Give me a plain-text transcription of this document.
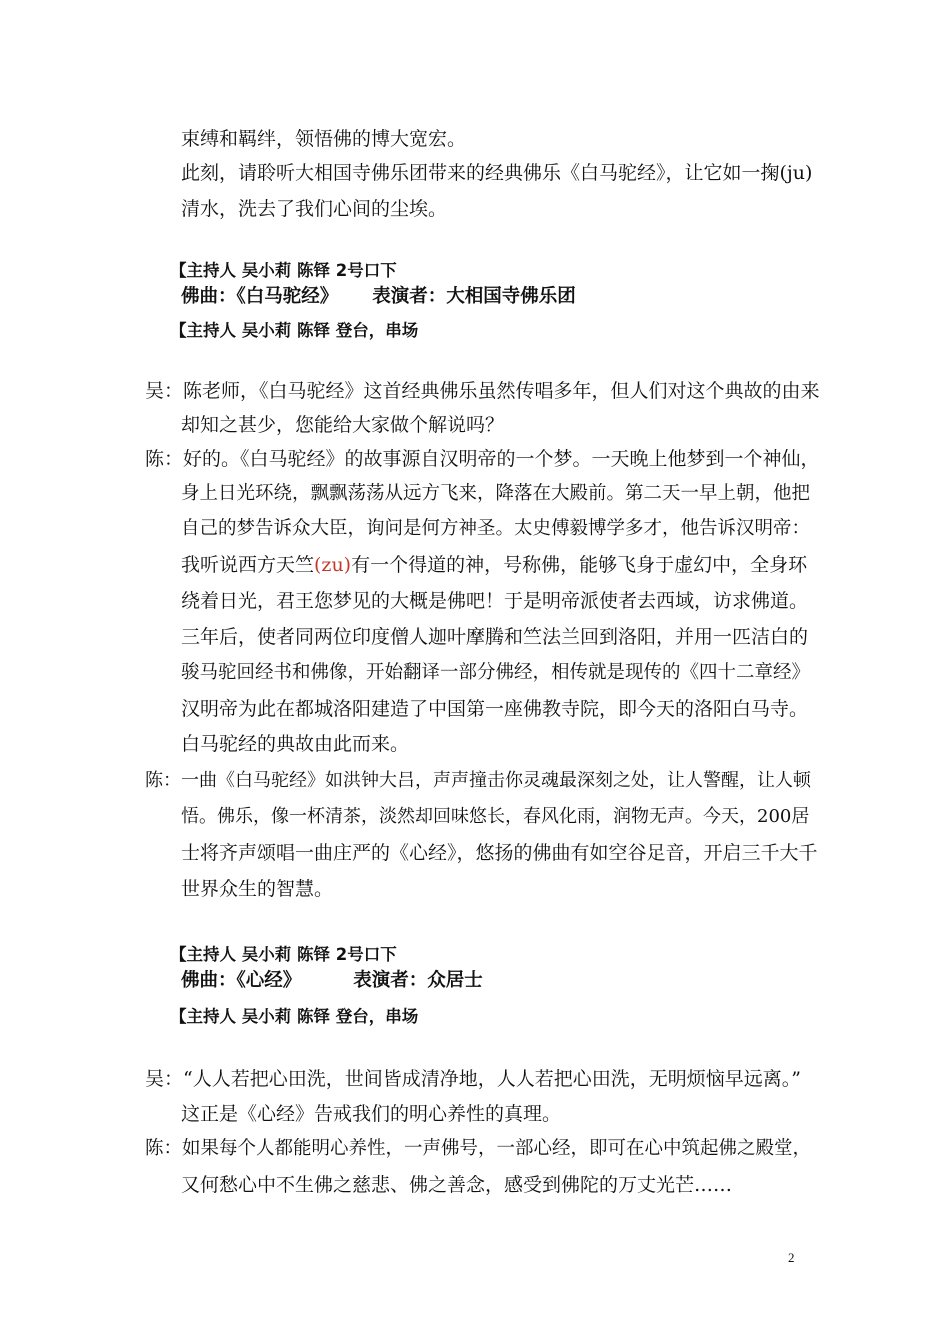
束缚和羁绊，领悟佛的博大宽宏。
此刻，请聆听大相国寺佛乐团带来的经典佛乐《白马驼经》，让它如一掬(ju)
清水，洗去了我们心间的尘埃。
【主持人 吴小莉 陈铎 2号口下
佛曲：《白马驼经》 表演者：大相国寺佛乐团
【主持人 吴小莉 陈铎 登台，串场
吴：陈老师，《白马驼经》这首经典佛乐虽然传唱多年，但人们对这个典故的由来
却知之甚少，您能给大家做个解说吗？
陈：好的。《白马驼经》的故事源自汉明帝的一个梦。一天晚上他梦到一个神仙，
身上日光环绕，飘飘荡荡从远方飞来，降落在大殿前。第二天一早上朝，他把
自己的梦告诉众大臣，询问是何方神圣。太史傅毅博学多才，他告诉汉明帝：
我听说西方天竺(zu)有一个得道的神，号称佛，能够飞身于虚幻中，全身环
绕着日光，君王您梦见的大概是佛吧！于是明帝派使者去西域，访求佛道。
三年后，使者同两位印度僧人迦叶摩腾和竺法兰回到洛阳，并用一匹洁白的
骏马驼回经书和佛像，开始翻译一部分佛经，相传就是现传的《四十二章经》
汉明帝为此在都城洛阳建造了中国第一座佛教寺院，即今天的洛阳白马寺。
白马驼经的典故由此而来。
陈：一曲《白马驼经》如洪钟大吕，声声撞击你灵魂最深刻之处，让人警醒，让人顿
悟。佛乐，像一杯清茶，淡然却回味悠长，春风化雨，润物无声。今天，200居
士将齐声颂唱一曲庄严的《心经》，悠扬的佛曲有如空谷足音，开启三千大千
世界众生的智慧。
【主持人 吴小莉 陈铎 2号口下
佛曲：《心经》	表演者：众居士
【主持人 吴小莉 陈铎 登台，串场
吴：“人人若把心田洗，世间皆成清净地，人人若把心田洗，无明烦恼早远离。”
这正是《心经》告戒我们的明心养性的真理。
陈：如果每个人都能明心养性，一声佛号，一部心经，即可在心中筑起佛之殿堂，
又何愁心中不生佛之慈悲、佛之善念，感受到佛陀的万丈光芒……
2
